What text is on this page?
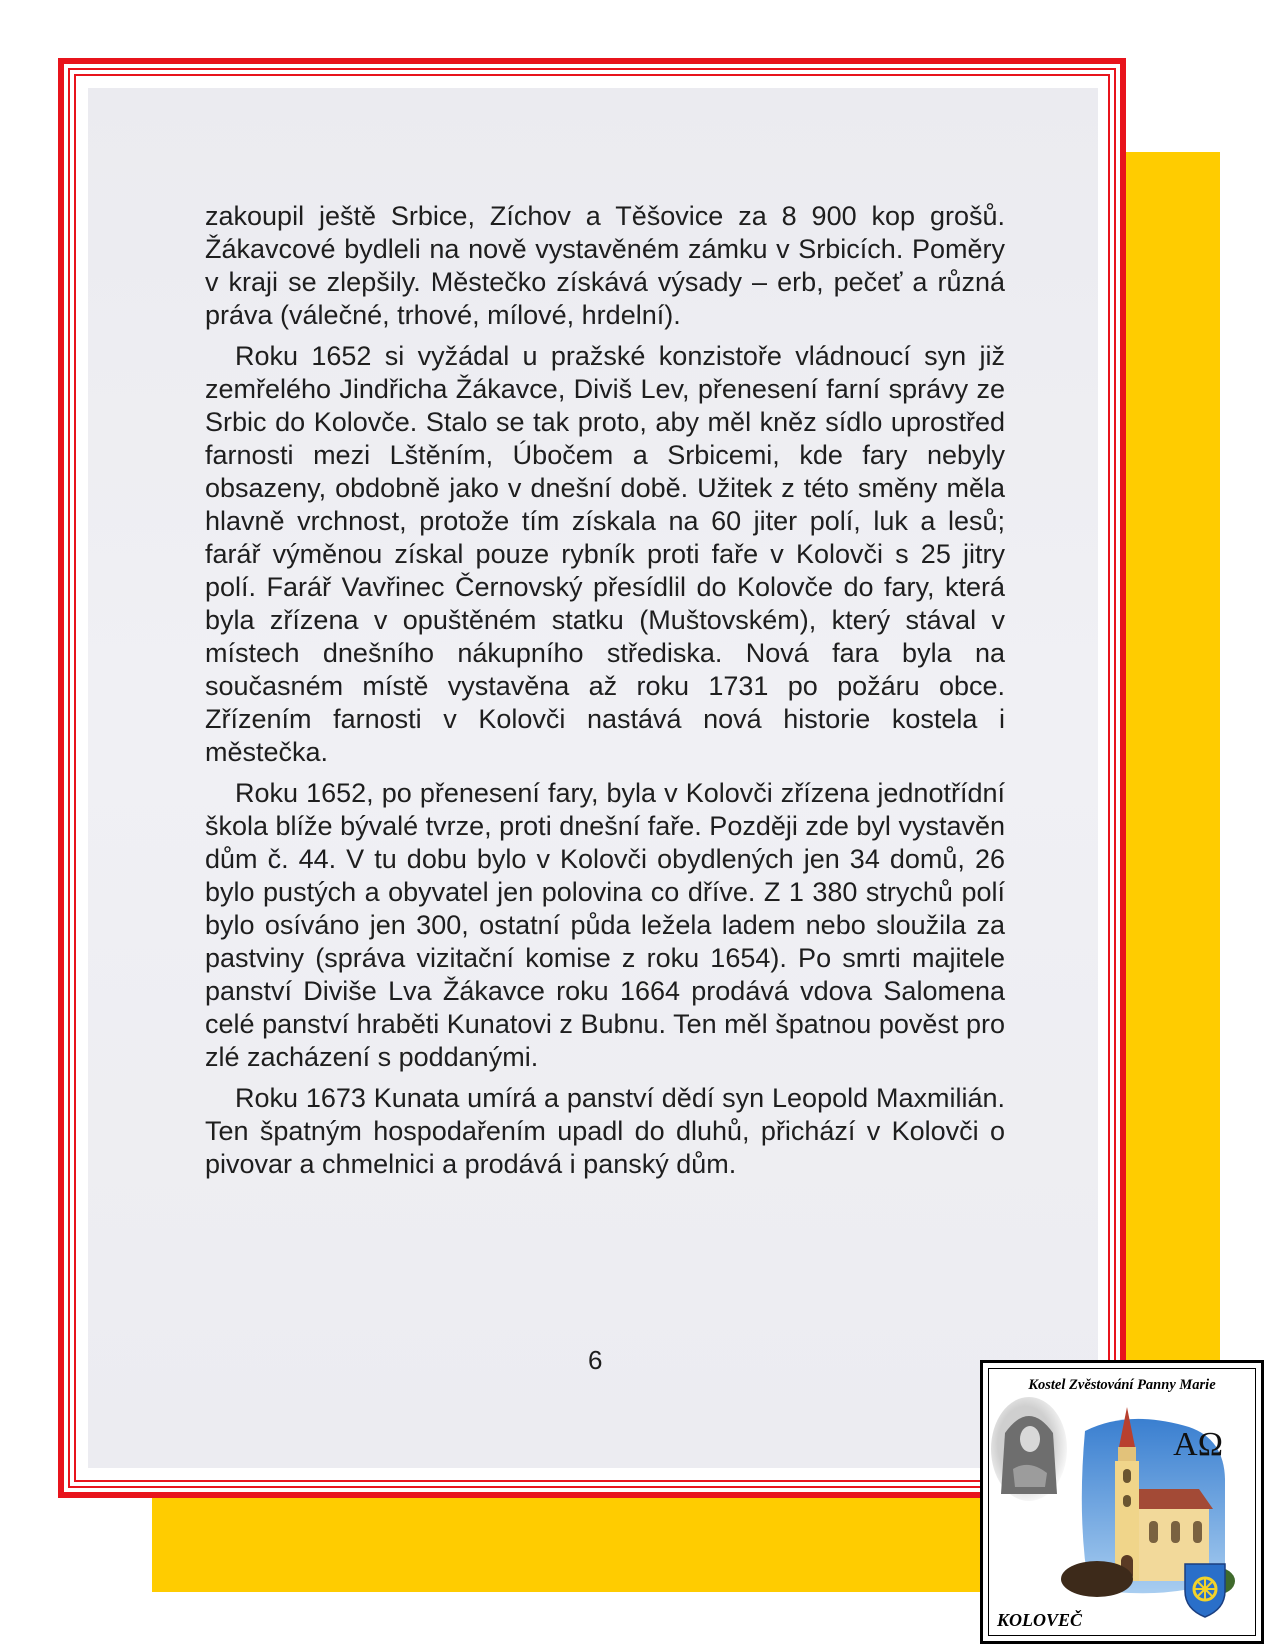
zakoupil ještě Srbice, Zíchov a Těšovice za 8 900 kop grošů. Žákavcové bydleli na nově vystavěném zámku v Srbicích. Poměry v kraji se zlepšily. Městečko získává výsady – erb, pečeť a různá práva (válečné, trhové, mílové, hrdelní).

Roku 1652 si vyžádal u pražské konzistoře vládnoucí syn již zemřelého Jindřicha Žákavce, Diviš Lev, přenesení farní správy ze Srbic do Kolovče. Stalo se tak proto, aby měl kněz sídlo uprostřed farnosti mezi Lštěním, Úbočem a Srbicemi, kde fary nebyly obsazeny, obdobně jako v dnešní době. Užitek z této směny měla hlavně vrchnost, protože tím získala na 60 jiter polí, luk a lesů; farář výměnou získal pouze rybník proti faře v Kolovči s 25 jitry polí. Farář Vavřinec Černovský přesídlil do Kolovče do fary, která byla zřízena v opuštěném statku (Muštovském), který stával v místech dnešního nákupního střediska. Nová fara byla na současném místě vystavěna až roku 1731 po požáru obce. Zřízením farnosti v Kolovči nastává nová historie kostela i městečka.

Roku 1652, po přenesení fary, byla v Kolovči zřízena jednotřídní škola blíže bývalé tvrze, proti dnešní faře. Později zde byl vystavěn dům č. 44. V tu dobu bylo v Kolovči obydlených jen 34 domů, 26 bylo pustých a obyvatel jen polovina co dříve. Z 1 380 strychů polí bylo osíváno jen 300, ostatní půda ležela ladem nebo sloužila za pastviny (správa vizitační komise z roku 1654). Po smrti majitele panství Diviše Lva Žákavce roku 1664 prodává vdova Salomena celé panství hraběti Kunatovi z Bubnu. Ten měl špatnou pověst pro zlé zacházení s poddanými.

Roku 1673 Kunata umírá a panství dědí syn Leopold Maxmilián. Ten špatným hospodařením upadl do dluhů, přichází v Kolovči o pivovar a chmelnici a prodává i panský dům.

6
AΩ
Kostel Zvěstování Panny Marie
KOLOVEČ
